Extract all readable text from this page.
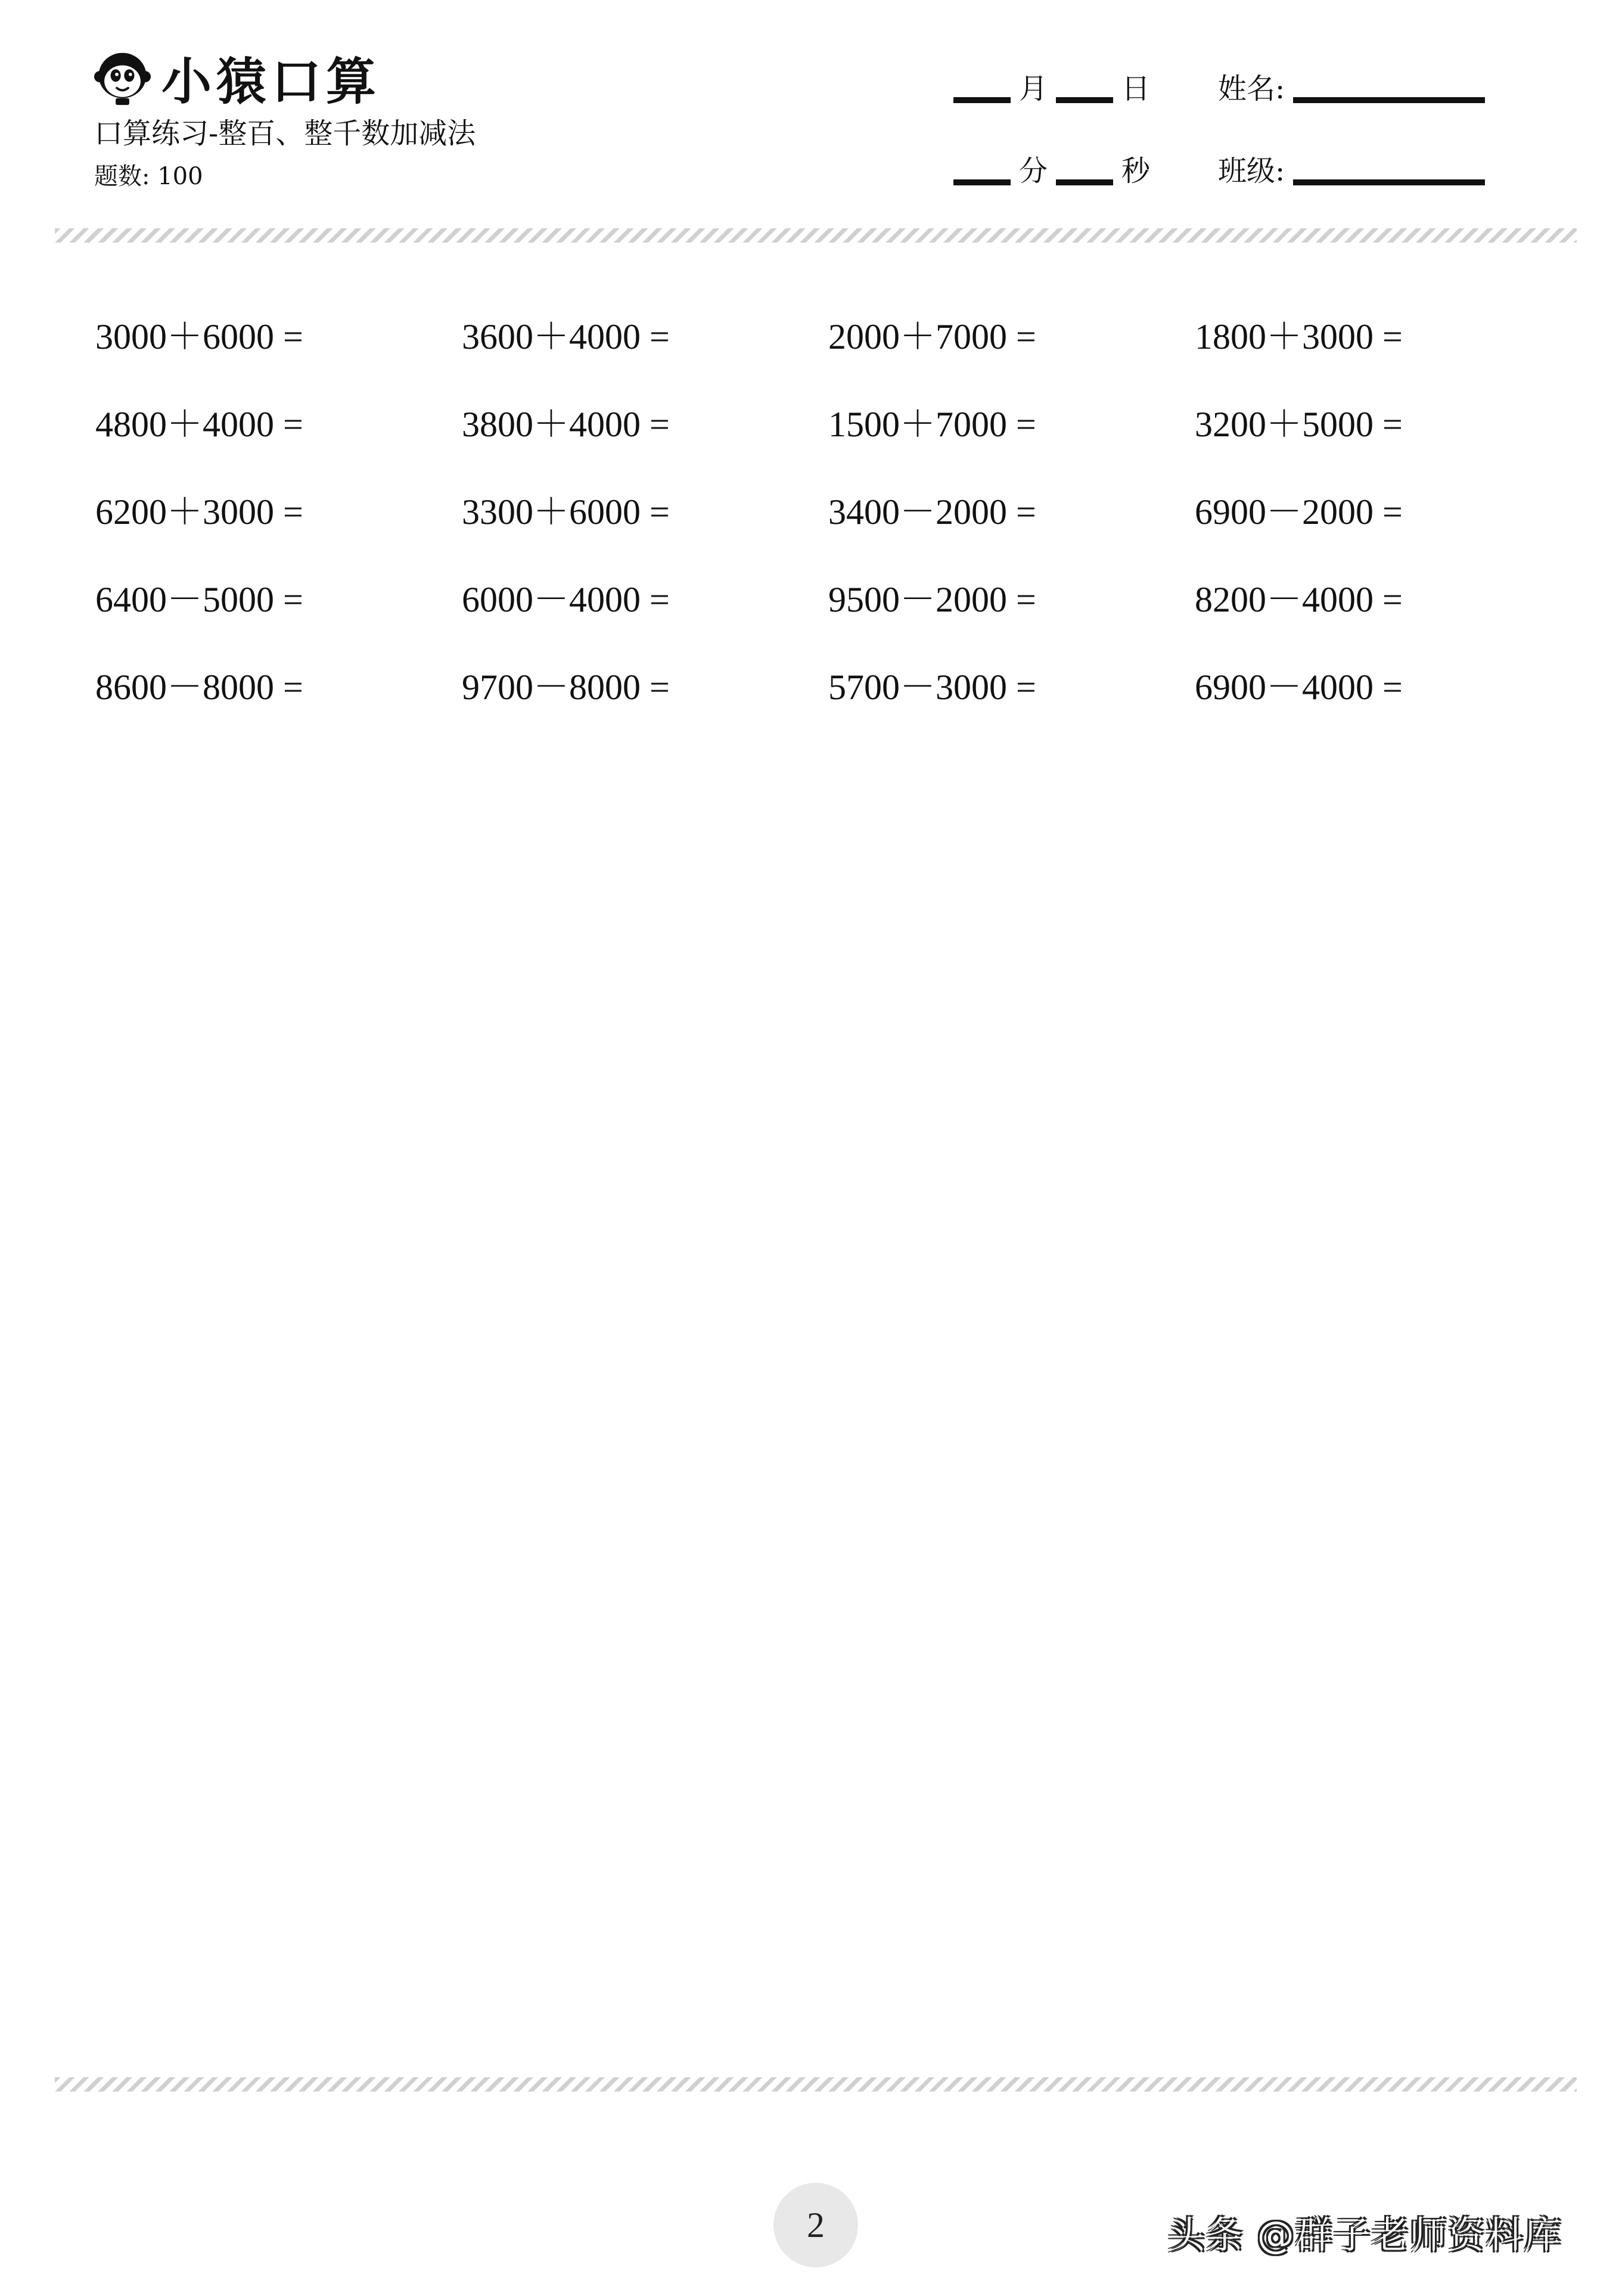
小猿口算
口算练习-整百、整千数加减法
题数: 100
月	日 姓名:
分	秒 班级:
3000＋6000 =	3600＋4000 =	2000＋7000 =	1800＋3000 =
4800＋4000 =	3800＋4000 =	1500＋7000 =	3200＋5000 =
6200＋3000 =	3300＋6000 =	3400－2000 =	6900－2000 =
6400－5000 =	6000－4000 =	9500－2000 =	8200－4000 =
8600－8000 =	9700－8000 =	5700－3000 =	6900－4000 =
2	头条 @群子老师资料库
